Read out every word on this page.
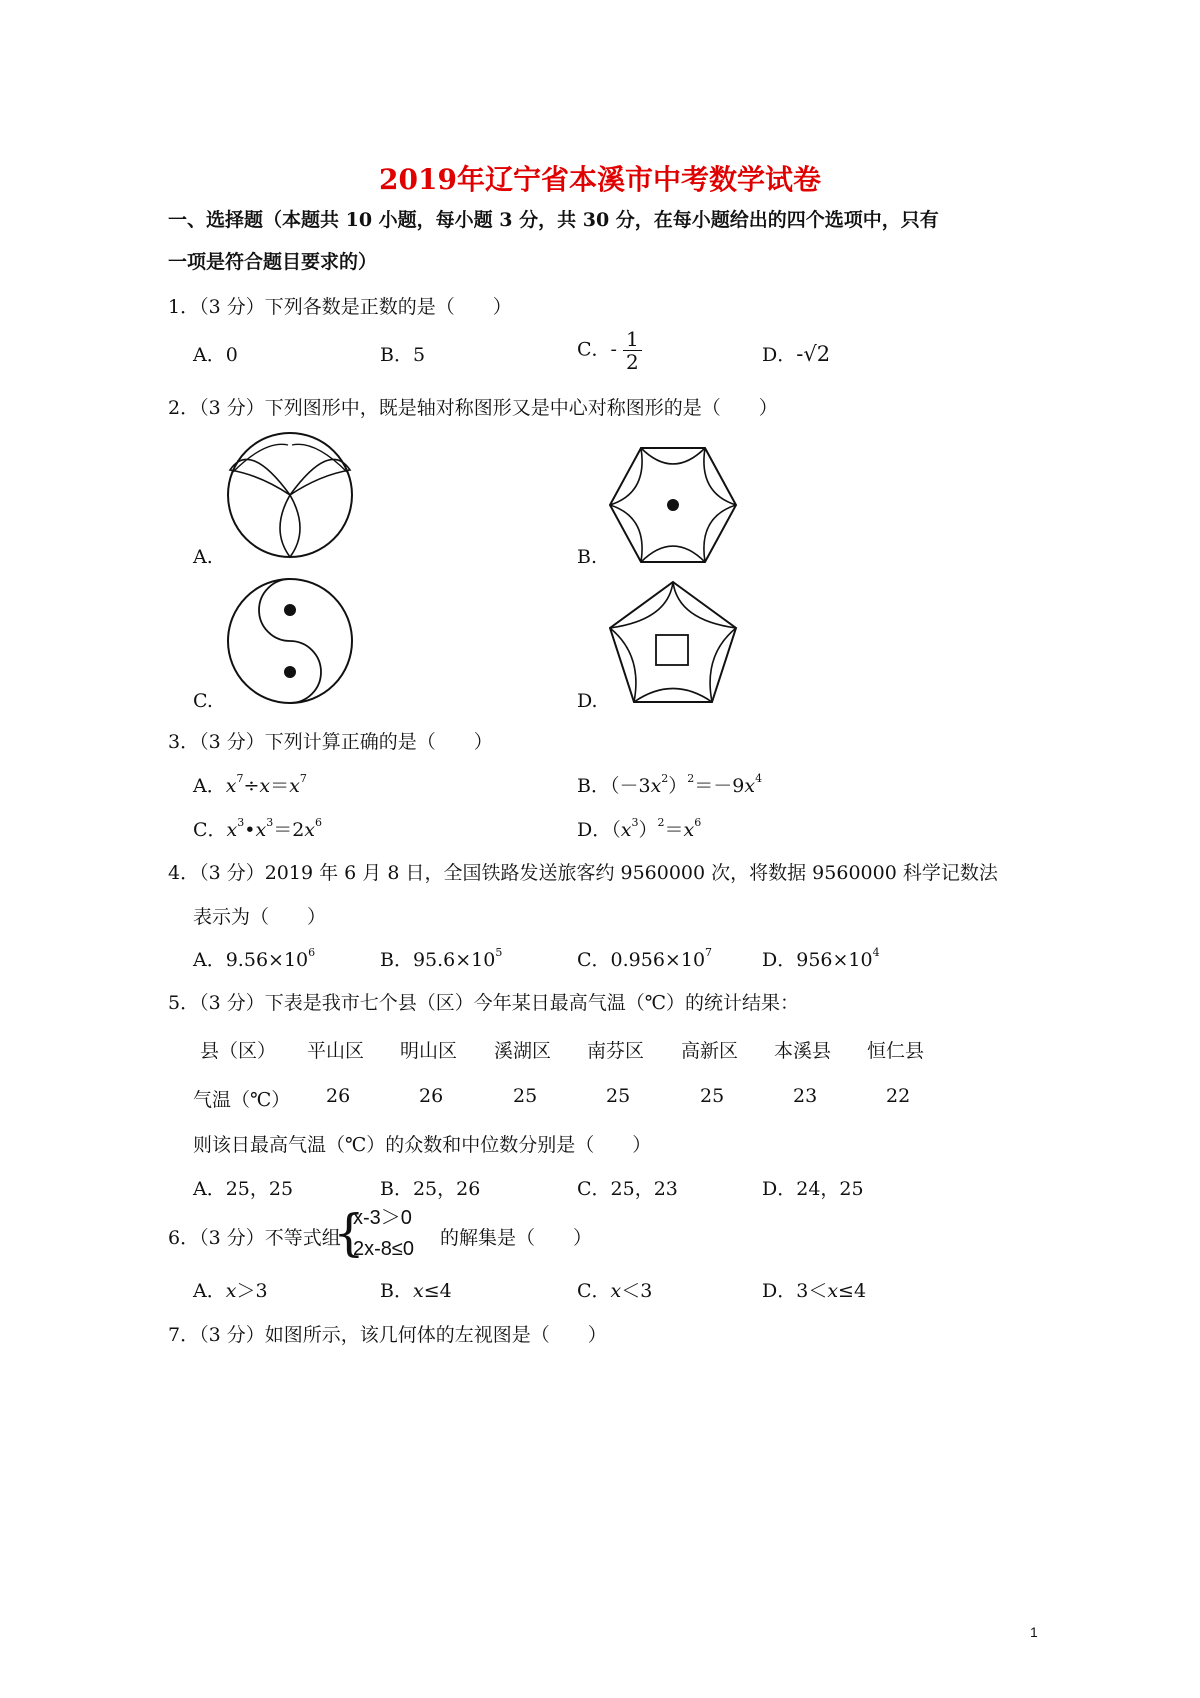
2019年辽宁省本溪市中考数学试卷
一、选择题（本题共 10 小题，每小题 3 分，共 30 分，在每小题给出的四个选项中，只有
一项是符合题目要求的）
1．（3 分）下列各数是正数的是（　　）
A．0	B．5	C．- $\frac{1}{2}$	D．-√2
2．（3 分）下列图形中，既是轴对称图形又是中心对称图形的是（　　）
A.	B.
C.	D.
3．（3 分）下列计算正确的是（　　）
A．$x^7\div x=x^7$	B．$(-3x^2)^2=-9x^4$
C．$x^3•x^3=2x^6$	D．$(x^3)^2=x^6$
4．（3 分）2019 年 6 月 8 日，全国铁路发送旅客约 9560000 次，将数据 9560000 科学记数法
表示为（　　）
A．$9.56\times 10^6$	B．$95.6\times 10^5$	C．$0.956\times 10^7$	D．$956\times 10^4$
5．（3 分）下表是我市七个县（区）今年某日最高气温（℃）的统计结果：
县（区） 平山区 明山区 溪湖区 南芬区 高新区 本溪县 恒仁县
气温（℃） 26	26	25	25	25	23	22
则该日最高气温（℃）的众数和中位数分别是（　　）
A．25，25	B．25，26	C．25，23	D．24，25
6．（3 分）不等式组
{
x-3＞0
2x-8≤0 的解集是（　　）
A．x＞3	B．x≤4	C．x＜3	D．3＜x≤4
7．（3 分）如图所示，该几何体的左视图是（　　）
1
